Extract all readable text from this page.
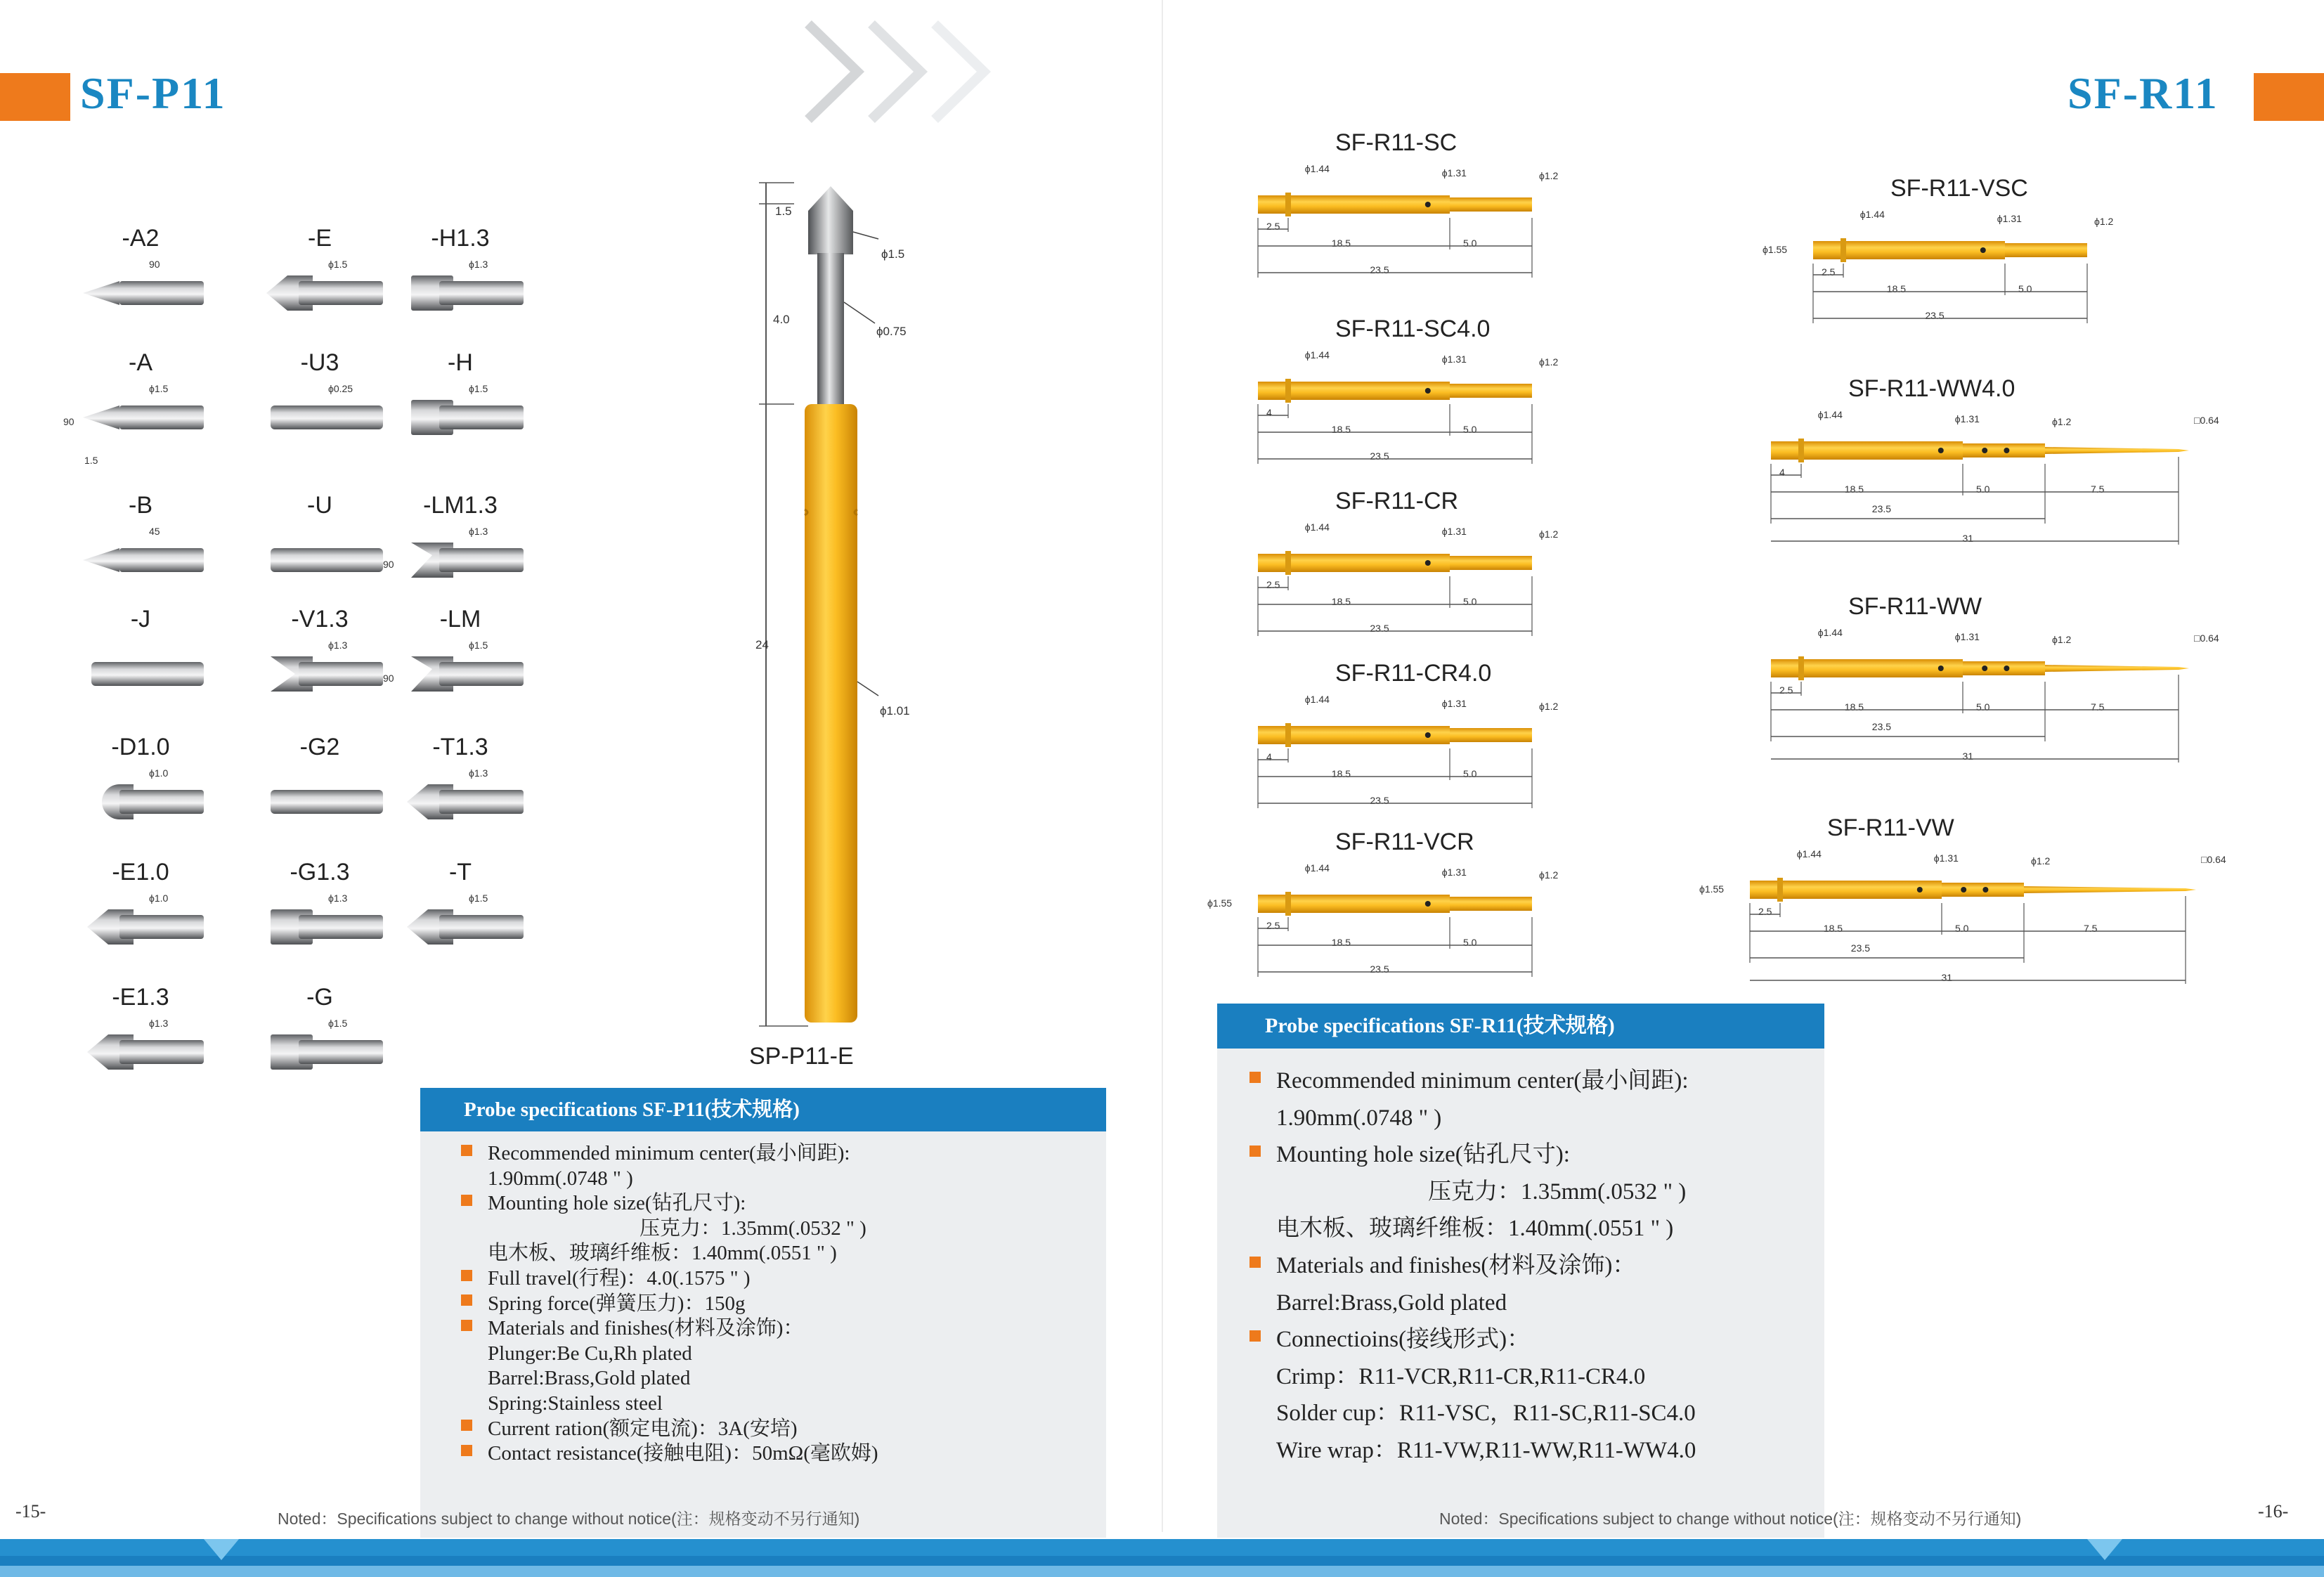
SF-P11	SF-R11
-A2
90
-E
ϕ1.5
-H1.3
ϕ1.3
-A
ϕ1.5
90
1.5
-U3
ϕ0.25
-H
ϕ1.5
-B
45
-U	-LM1.3
ϕ1.3
90
-J	-V1.3
ϕ1.3
-LM
ϕ1.5
90
-D1.0
ϕ1.0
-G2	-T1.3
ϕ1.3
-E1.0
ϕ1.0
-G1.3
ϕ1.3
-T
ϕ1.5
-E1.3
ϕ1.3
-G
ϕ1.5
1.5
4.0
24
ϕ1.5
ϕ0.75
ϕ1.01
SP-P11-E
Probe specifications SF-P11(技术规格)
Recommended minimum center(最小间距):
1.90mm(.0748 " )
Mounting hole size(钻孔尺寸):
压克力：1.35mm(.0532 " )
电木板、玻璃纤维板：1.40mm(.0551 " )
Full travel(行程)：4.0(.1575 " )
Spring force(弹簧压力)：150g
Materials and finishes(材料及涂饰)：
Plunger:Be Cu,Rh plated
Barrel:Brass,Gold plated
Spring:Stainless steel
Current ration(额定电流)：3A(安培)
Contact resistance(接触电阻)：50mΩ(毫欧姆)
Noted：Specifications subject to change without notice(注：规格变动不另行通知)
-15-
SF-R11-SC
ϕ1.44	ϕ1.31	ϕ1.2
2.5
18.5	5.0
23.5
SF-R11-SC4.0
ϕ1.44	ϕ1.31	ϕ1.2
4
18.5	5.0
23.5
SF-R11-CR
ϕ1.44	ϕ1.31	ϕ1.2
2.5
18.5	5.0
23.5
SF-R11-CR4.0
ϕ1.44	ϕ1.31	ϕ1.2
4
18.5	5.0
23.5
SF-R11-VCR
ϕ1.44	ϕ1.31	ϕ1.2
ϕ1.55
2.5
18.5	5.0
23.5
SF-R11-VSC
ϕ1.44	ϕ1.31	ϕ1.2
ϕ1.55
2.5
18.5	5.0
23.5
SF-R11-WW4.0
ϕ1.44	ϕ1.31	ϕ1.2	□0.64
4
18.5	5.0
23.5
7.5
31
SF-R11-WW
ϕ1.44	ϕ1.31	ϕ1.2	□0.64
2.5
18.5	5.0
23.5
7.5
31
SF-R11-VW
ϕ1.44	ϕ1.31	ϕ1.2
ϕ1.55
□0.64
2.5
18.5	5.0
23.5
7.5
31
Probe specifications SF-R11(技术规格)
Recommended minimum center(最小间距):
1.90mm(.0748 " )
Mounting hole size(钻孔尺寸):
压克力：1.35mm(.0532 " )
电木板、玻璃纤维板：1.40mm(.0551 " )
Materials and finishes(材料及涂饰)：
Barrel:Brass,Gold plated
Connectioins(接线形式)：
Crimp：R11-VCR,R11-CR,R11-CR4.0
Solder cup：R11-VSC，R11-SC,R11-SC4.0
Wire wrap：R11-VW,R11-WW,R11-WW4.0
Noted：Specifications subject to change without notice(注：规格变动不另行通知)	-16-
